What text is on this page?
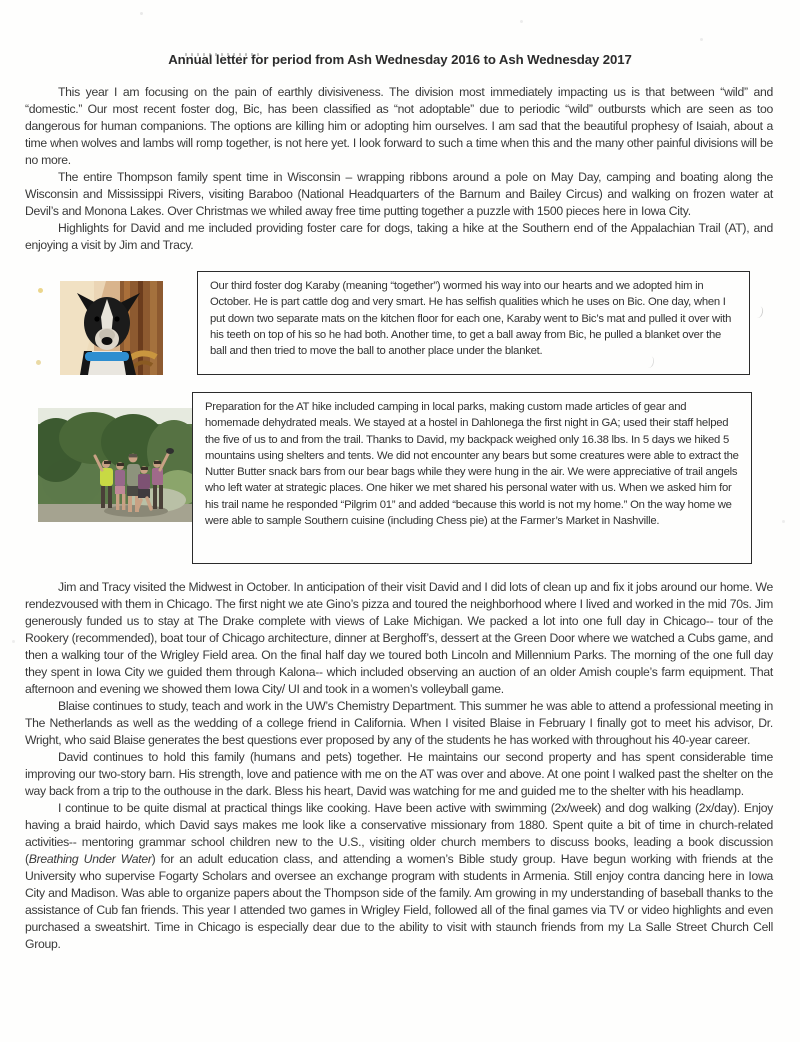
Annual letter for period from Ash Wednesday 2016 to Ash Wednesday 2017

This year I am focusing on the pain of earthly divisiveness. The division most immediately impacting us is that between “wild” and “domestic.” Our most recent foster dog, Bic, has been classified as “not adoptable” due to periodic “wild” outbursts which are seen as too dangerous for human companions. The options are killing him or adopting him ourselves. I am sad that the beautiful prophesy of Isaiah, about a time when wolves and lambs will romp together, is not here yet. I look forward to such a time when this and the many other painful divisions will be no more.

The entire Thompson family spent time in Wisconsin – wrapping ribbons around a pole on May Day, camping and boating along the Wisconsin and Mississippi Rivers, visiting Baraboo (National Headquarters of the Barnum and Bailey Circus) and walking on frozen water at Devil’s and Monona Lakes. Over Christmas we whiled away free time putting together a puzzle with 1500 pieces here in Iowa City.

Highlights for David and me included providing foster care for dogs, taking a hike at the Southern end of the Appalachian Trail (AT), and enjoying a visit by Jim and Tracy.

Our third foster dog Karaby (meaning “together”) wormed his way into our hearts and we adopted him in October. He is part cattle dog and very smart. He has selfish qualities which he uses on Bic. One day, when I put down two separate mats on the kitchen floor for each one, Karaby went to Bic’s mat and pulled it over with his teeth on top of his so he had both. Another time, to get a ball away from Bic, he pulled a blanket over the ball and then tried to move the ball to another place under the blanket.

Preparation for the AT hike included camping in local parks, making custom made articles of gear and homemade dehydrated meals. We stayed at a hostel in Dahlonega the first night in GA; used their staff helped the five of us to and from the trail. Thanks to David, my backpack weighed only 16.38 lbs. In 5 days we hiked 5 mountains using shelters and tents. We did not encounter any bears but some creatures were able to extract the Nutter Butter snack bars from our bear bags while they were hung in the air. We were appreciative of trail angels who left water at strategic places. One hiker we met shared his personal water with us. When we asked him for his trail name he responded “Pilgrim 01” and added “because this world is not my home.” On the way home we were able to sample Southern cuisine (including Chess pie) at the Farmer’s Market in Nashville.

Jim and Tracy visited the Midwest in October. In anticipation of their visit David and I did lots of clean up and fix it jobs around our home. We rendezvoused with them in Chicago. The first night we ate Gino’s pizza and toured the neighborhood where I lived and worked in the mid 70s. Jim generously funded us to stay at The Drake complete with views of Lake Michigan. We packed a lot into one full day in Chicago-- tour of the Rookery (recommended), boat tour of Chicago architecture, dinner at Berghoff’s, dessert at the Green Door where we watched a Cubs game, and then a walking tour of the Wrigley Field area. On the final half day we toured both Lincoln and Millennium Parks. The morning of the one full day they spent in Iowa City we guided them through Kalona-- which included observing an auction of an older Amish couple’s farm equipment. That afternoon and evening we showed them Iowa City/ UI and took in a women’s volleyball game.

Blaise continues to study, teach and work in the UW’s Chemistry Department. This summer he was able to attend a professional meeting in The Netherlands as well as the wedding of a college friend in California. When I visited Blaise in February I finally got to meet his advisor, Dr. Wright, who said Blaise generates the best questions ever proposed by any of the students he has worked with throughout his 40-year career.

David continues to hold this family (humans and pets) together. He maintains our second property and has spent considerable time improving our two-story barn. His strength, love and patience with me on the AT was over and above. At one point I walked past the shelter on the way back from a trip to the outhouse in the dark. Bless his heart, David was watching for me and guided me to the shelter with his headlamp.

I continue to be quite dismal at practical things like cooking. Have been active with swimming (2x/week) and dog walking (2x/day). Enjoy having a braid hairdo, which David says makes me look like a conservative missionary from 1880. Spent quite a bit of time in church-related activities-- mentoring grammar school children new to the U.S., visiting older church members to discuss books, leading a book discussion (Breathing Under Water) for an adult education class, and attending a women’s Bible study group. Have begun working with friends at the University who supervise Fogarty Scholars and oversee an exchange program with students in Armenia. Still enjoy contra dancing here in Iowa City and Madison. Was able to organize papers about the Thompson side of the family. Am growing in my understanding of baseball thanks to the assistance of Cub fan friends. This year I attended two games in Wrigley Field, followed all of the final games via TV or video highlights and even purchased a sweatshirt. Time in Chicago is especially dear due to the ability to visit with staunch friends from my La Salle Street Church Cell Group.
